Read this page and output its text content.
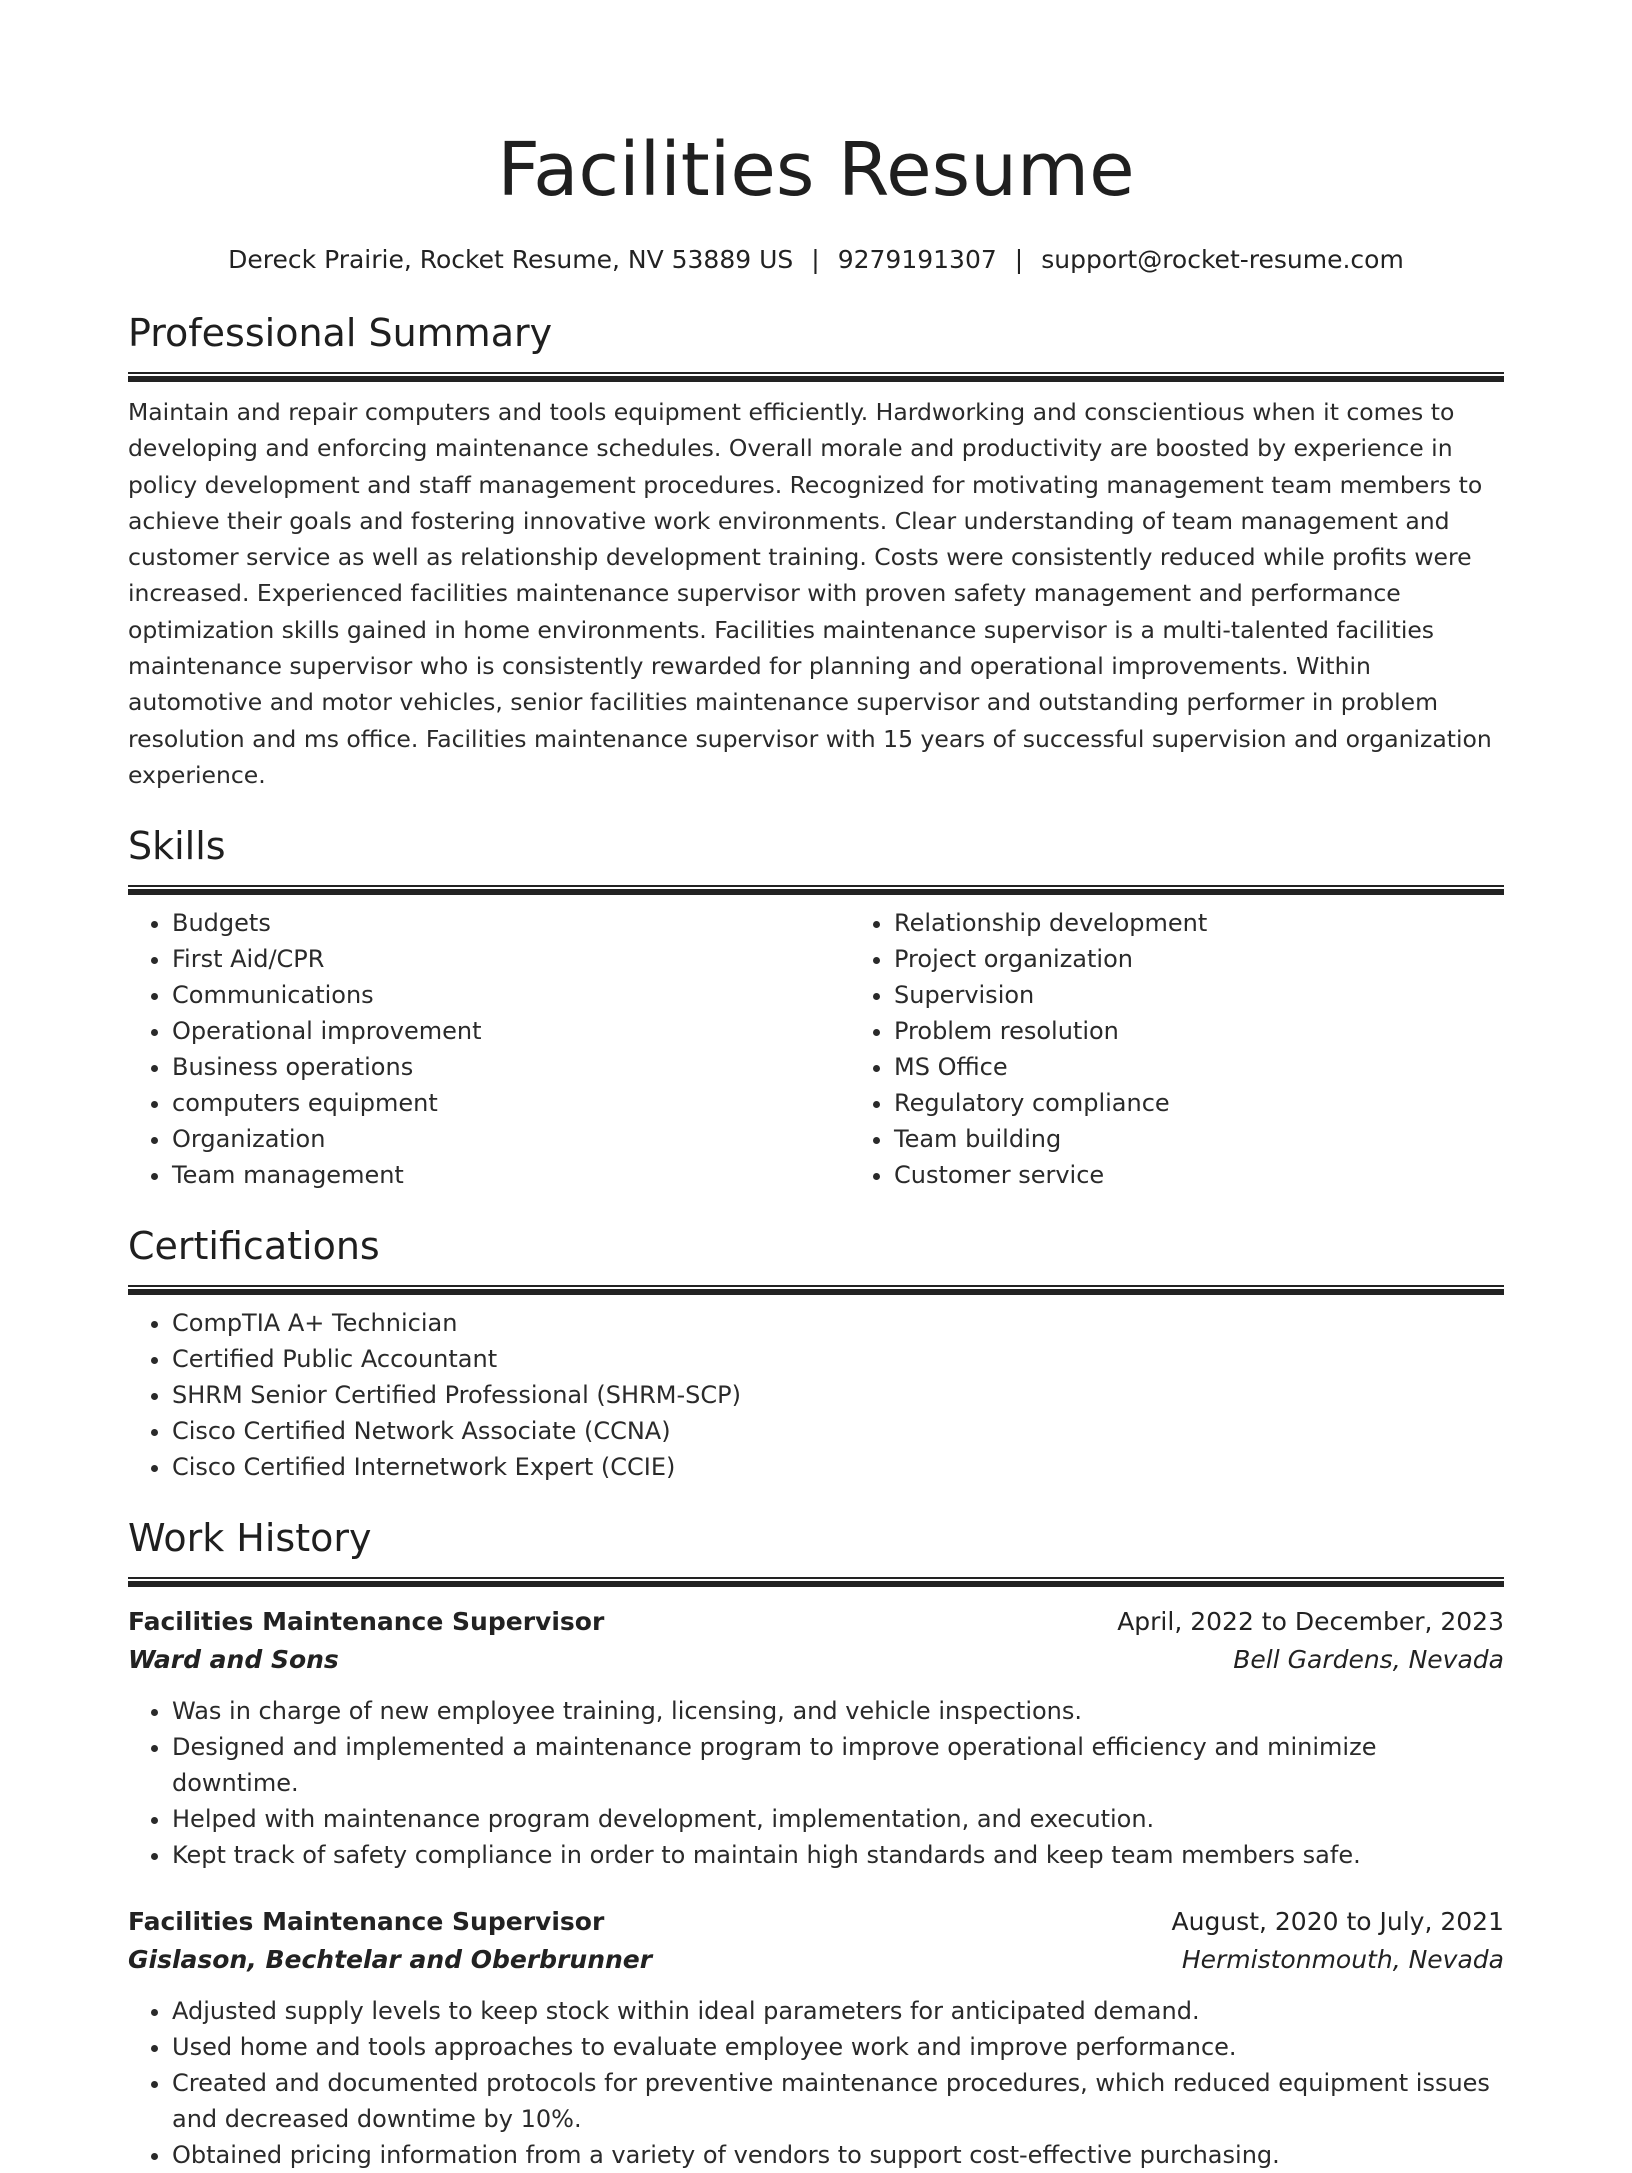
Facilities Resume
Dereck Prairie, Rocket Resume, NV 53889 US | 9279191307 | support@rocket-resume.com
Professional Summary

Maintain and repair computers and tools equipment efficiently. Hardworking and conscientious when it comes to developing and enforcing maintenance schedules. Overall morale and productivity are boosted by experience in policy development and staff management procedures. Recognized for motivating management team members to achieve their goals and fostering innovative work environments. Clear understanding of team management and customer service as well as relationship development training. Costs were consistently reduced while profits were increased. Experienced facilities maintenance supervisor with proven safety management and performance optimization skills gained in home environments. Facilities maintenance supervisor is a multi-talented facilities maintenance supervisor who is consistently rewarded for planning and operational improvements. Within automotive and motor vehicles, senior facilities maintenance supervisor and outstanding performer in problem resolution and ms office. Facilities maintenance supervisor with 15 years of successful supervision and organization experience.

Skills
• Budgets
• First Aid/CPR
• Communications
• Operational improvement
• Business operations
• computers equipment
• Organization
• Team management
• Relationship development
• Project organization
• Supervision
• Problem resolution
• MS Office
• Regulatory compliance
• Team building
• Customer service
Certifications
• CompTIA A+ Technician
• Certified Public Accountant
• SHRM Senior Certified Professional (SHRM-SCP)
• Cisco Certified Network Associate (CCNA)
• Cisco Certified Internetwork Expert (CCIE)
Work History
Facilities Maintenance Supervisor	April, 2022 to December, 2023
Ward and Sons	Bell Gardens, Nevada
• Was in charge of new employee training, licensing, and vehicle inspections.
• Designed and implemented a maintenance program to improve operational efficiency and minimize downtime.
• Helped with maintenance program development, implementation, and execution.
• Kept track of safety compliance in order to maintain high standards and keep team members safe.
Facilities Maintenance Supervisor	August, 2020 to July, 2021
Gislason, Bechtelar and Oberbrunner	Hermistonmouth, Nevada
• Adjusted supply levels to keep stock within ideal parameters for anticipated demand.
• Used home and tools approaches to evaluate employee work and improve performance.
• Created and documented protocols for preventive maintenance procedures, which reduced equipment issues and decreased downtime by 10%.
• Obtained pricing information from a variety of vendors to support cost-effective purchasing.
